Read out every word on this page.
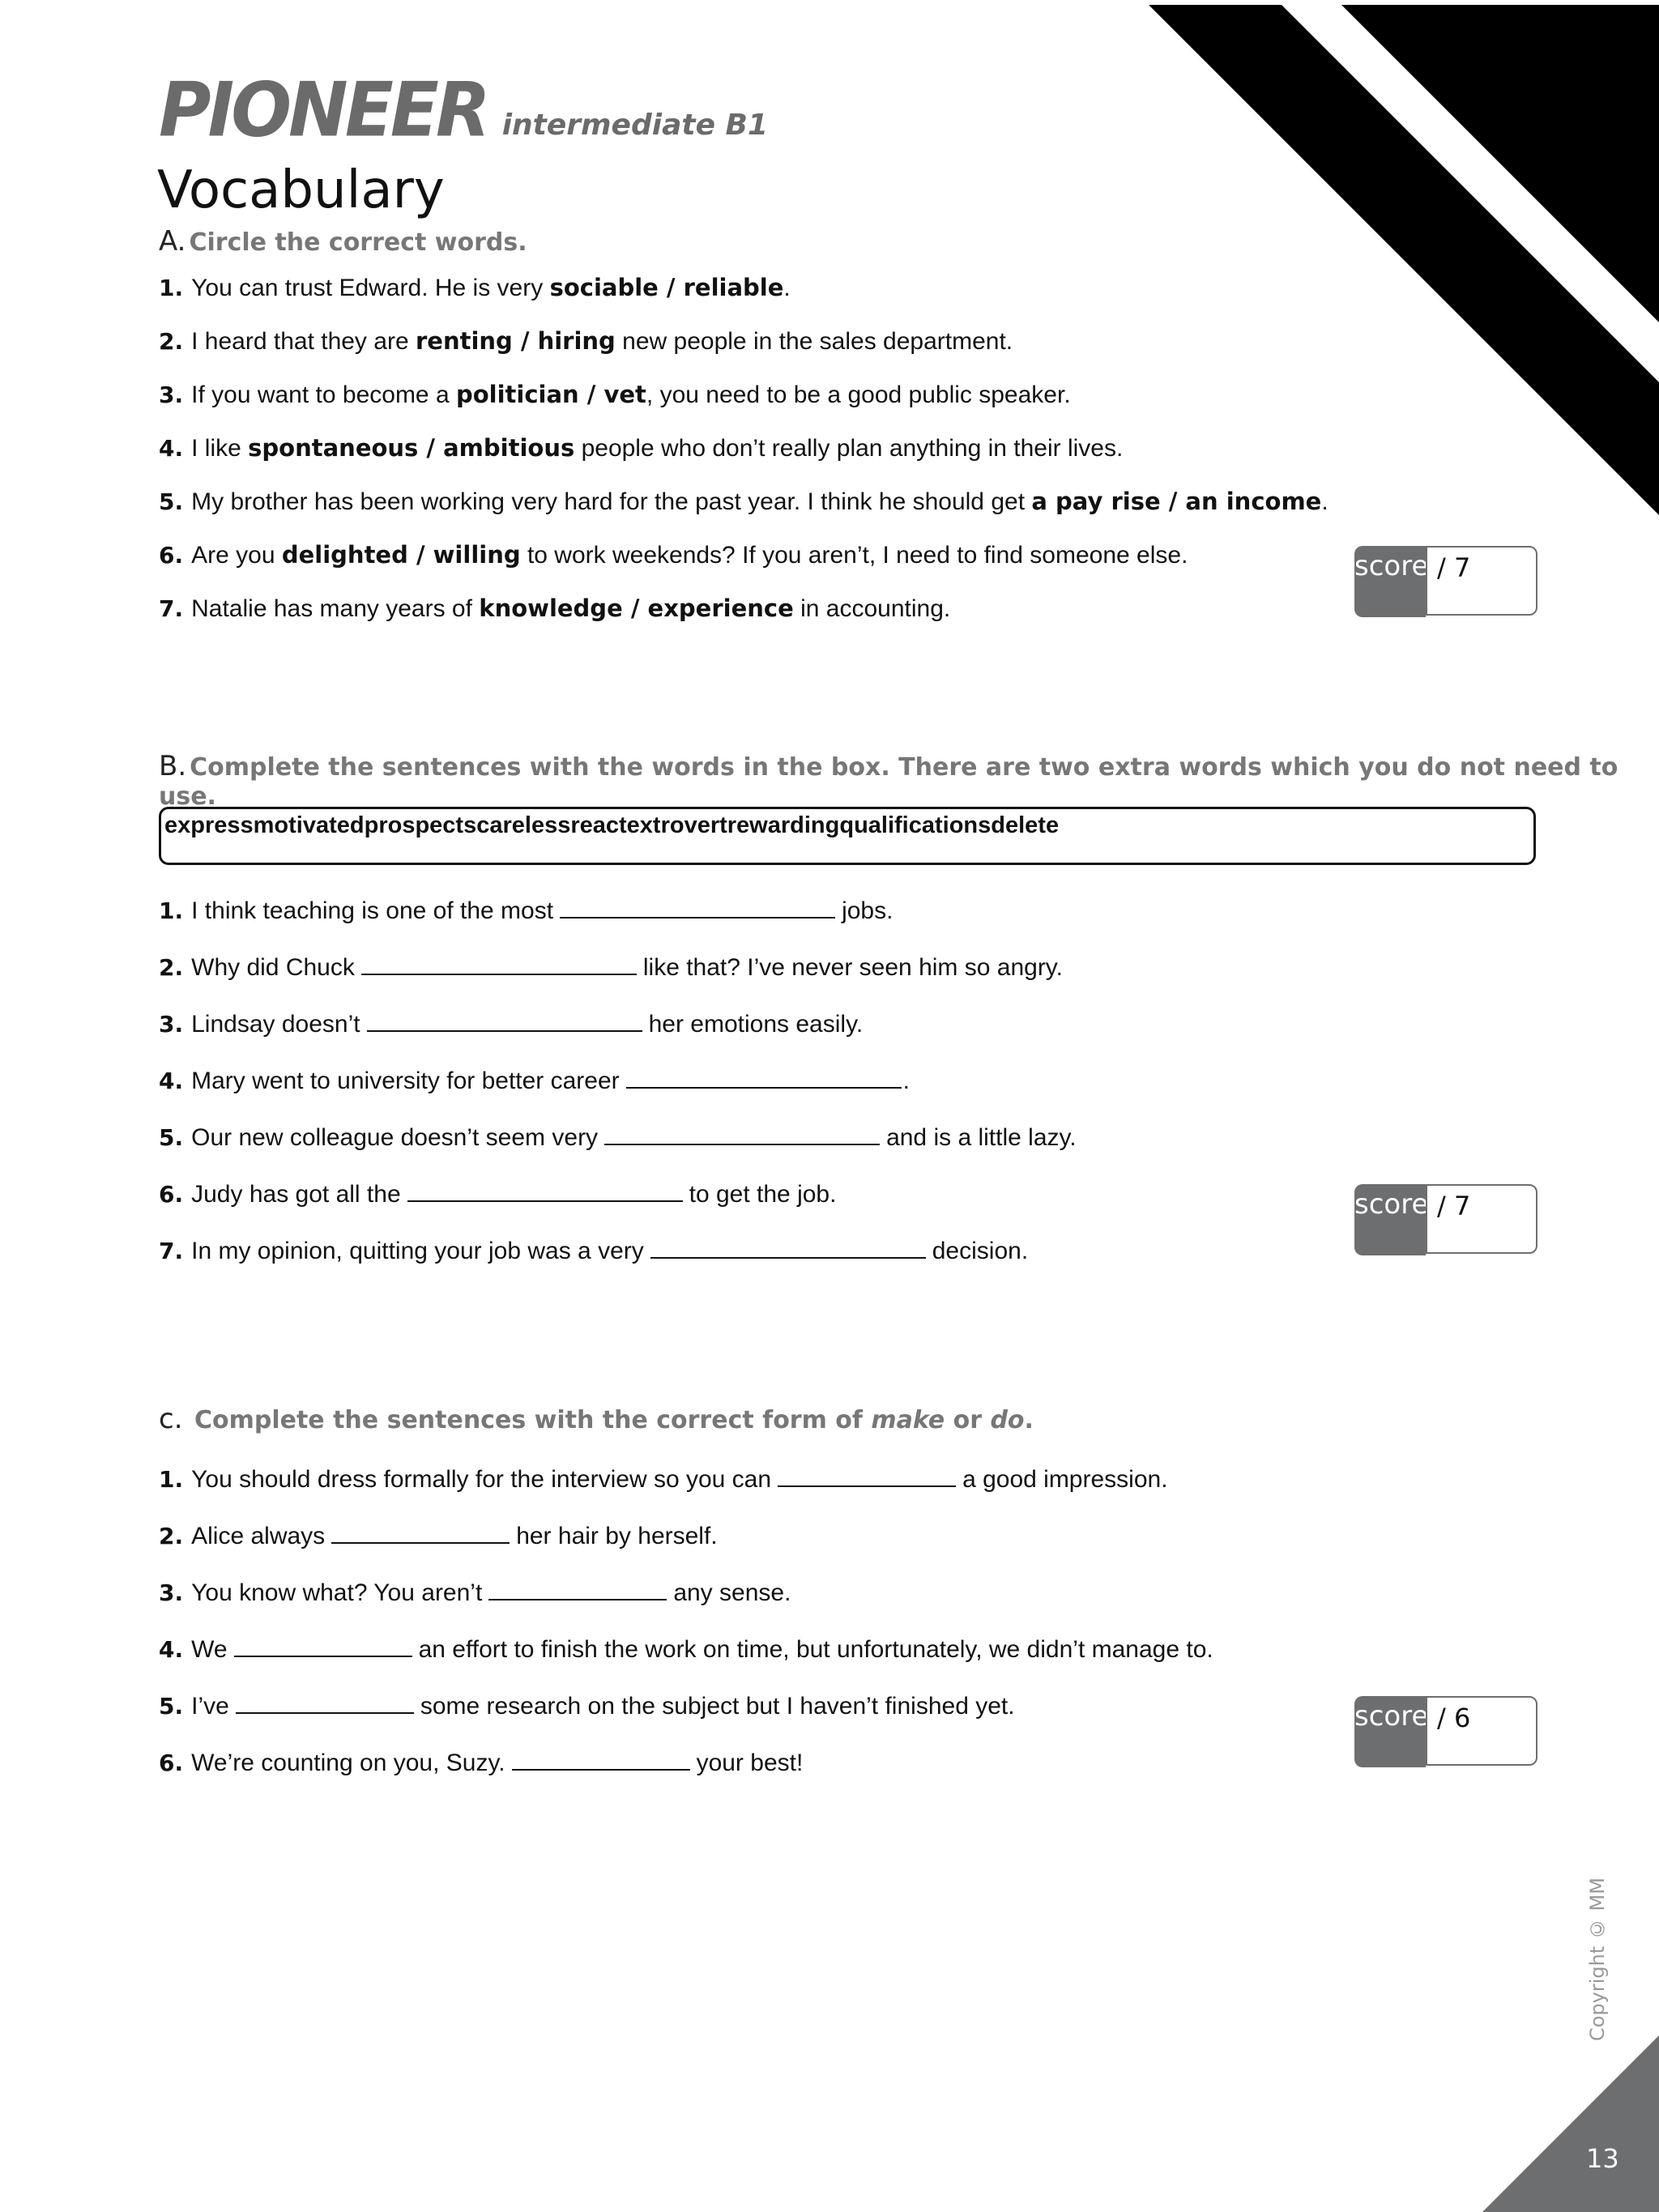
PIONEER intermediate B1
Vocabulary
A. Circle the correct words.
1. You can trust Edward. He is very sociable / reliable.
2. I heard that they are renting / hiring new people in the sales department.
3. If you want to become a politician / vet, you need to be a good public speaker.
4. I like spontaneous / ambitious people who don’t really plan anything in their lives.
5. My brother has been working very hard for the past year. I think he should get a pay rise / an income.
6. Are you delighted / willing to work weekends? If you aren’t, I need to find someone else.
7. Natalie has many years of knowledge / experience in accounting.
score / 7
B. Complete the sentences with the words in the box. There are two extra words which you do not need to use.
expressmotivatedprospectscarelessreactextrovertrewardingqualificationsdelete
1. I think teaching is one of the most	jobs.
2. Why did Chuck	like that? I’ve never seen him so angry.
3. Lindsay doesn’t	her emotions easily.
4. Mary went to university for better career	.
5. Our new colleague doesn’t seem very	and is a little lazy.
6. Judy has got all the	to get the job.
7. In my opinion, quitting your job was a very	decision.
score / 7
c. Complete the sentences with the correct form of make or do.
1. You should dress formally for the interview so you can	a good impression.
2. Alice always	her hair by herself.
3. You know what? You aren’t	any sense.
4. We	an effort to finish the work on time, but unfortunately, we didn’t manage to.
5. I’ve	some research on the subject but I haven’t finished yet.
6. We’re counting on you, Suzy.	your best!
score / 6
Copyright © MM
13
